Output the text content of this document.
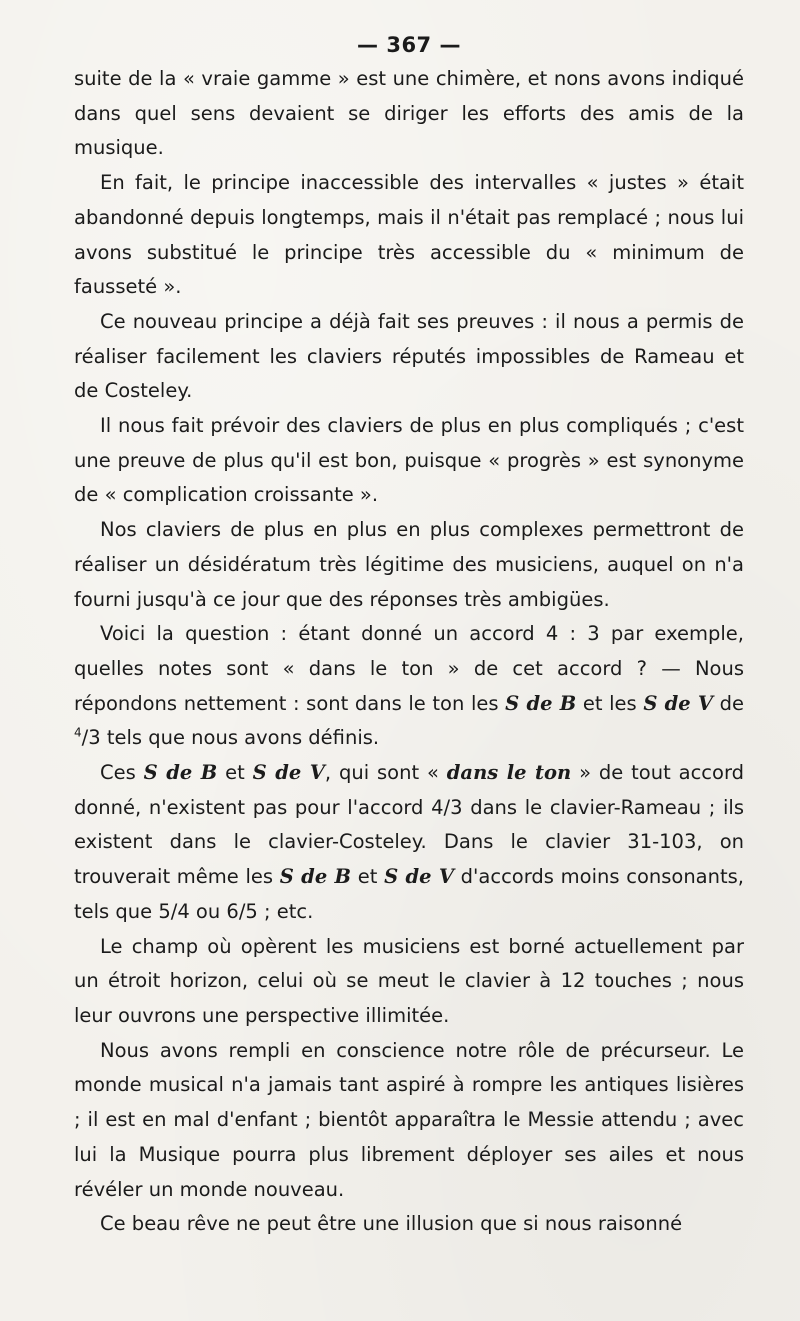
— 367 —

suite de la « vraie gamme » est une chimère, et nons avons indiqué dans quel sens devaient se diriger les efforts des amis de la musique.

En fait, le principe inaccessible des intervalles « justes » était abandonné depuis longtemps, mais il n'était pas remplacé ; nous lui avons substitué le principe très accessible du « minimum de fausseté ».

Ce nouveau principe a déjà fait ses preuves : il nous a permis de réaliser facilement les claviers réputés impossibles de Rameau et de Costeley.

Il nous fait prévoir des claviers de plus en plus compliqués ; c'est une preuve de plus qu'il est bon, puisque « progrès » est synonyme de « complication croissante ».

Nos claviers de plus en plus en plus complexes permettront de réaliser un désidératum très légitime des musiciens, auquel on n'a fourni jusqu'à ce jour que des réponses très ambigües.

Voici la question : étant donné un accord 4 : 3 par exemple, quelles notes sont « dans le ton » de cet accord ? — Nous répondons nettement : sont dans le ton les S de B et les S de V de $^4$/3 tels que nous avons définis.

Ces S de B et S de V, qui sont « dans le ton » de tout accord donné, n'existent pas pour l'accord 4/3 dans le clavier-Rameau ; ils existent dans le clavier-Costeley. Dans le clavier 31-103, on trouverait même les S de B et S de V d'accords moins consonants, tels que 5/4 ou 6/5 ; etc.

Le champ où opèrent les musiciens est borné actuellement par un étroit horizon, celui où se meut le clavier à 12 touches ; nous leur ouvrons une perspective illimitée.

Nous avons rempli en conscience notre rôle de précurseur. Le monde musical n'a jamais tant aspiré à rompre les antiques lisières ; il est en mal d'enfant ; bientôt apparaîtra le Messie attendu ; avec lui la Musique pourra plus librement déployer ses ailes et nous révéler un monde nouveau.

Ce beau rêve ne peut être une illusion que si nous raisonné
